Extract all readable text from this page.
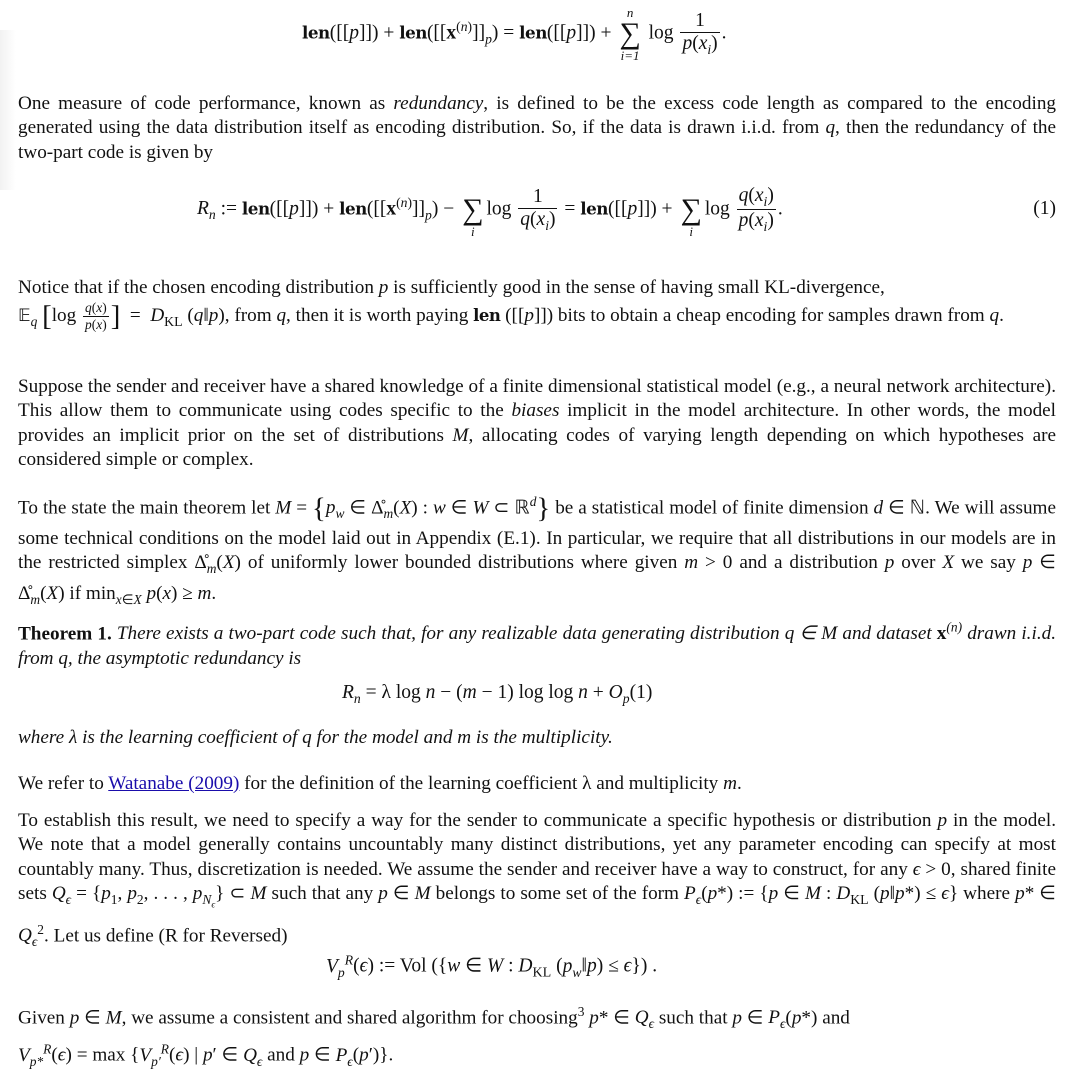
$len([[p]]) + len([[x^{(n)}]]_p) = len([[p]])$ +
n
∑
i=1
$\log \frac{1}{p(x_i)}$ .
One measure of code performance, known as redundancy, is defined to be the excess code length as compared to the encoding generated using the data distribution itself as encoding distribution. So, if the data is drawn i.i.d. from q, then the redundancy of the two-part code is given by
$R_n$ := $len([[p]]) + len([[x^{(n)}]]_p)$ −
∑
i
$\log \frac{1}{q(x_i)} = len([[p]])$ +
∑
i
$\log \frac{q(x_i)}{p(x_i)}$ .	(1)
Notice that if the chosen encoding distribution p is sufficiently good in the sense of having small KL-divergence,
𝔼$_q$ [$\log \frac{q(x)}{p(x)}$ ]  =  $D_{KL}$ (q‖p), from q, then it is worth paying len ([[p]]) bits to obtain a cheap encoding for samples drawn from q.
Suppose the sender and receiver have a shared knowledge of a finite dimensional statistical model (e.g., a neural network architecture). This allow them to communicate using codes specific to the biases implicit in the model architecture. In other words, the model provides an implicit prior on the set of distributions M, allocating codes of varying length depending on which hypotheses are considered simple or complex.
To the state the main theorem let $M = \{p_w$ ∈ $\Deltå_m(X)$ : w ∈ W ⊂ ℝ$^d$} be a statistical model of finite dimension d ∈ ℕ. We will assume some technical conditions on the model laid out in Appendix (E.1). In particular, we require that all distributions in our models are in the restricted simplex $\Deltå_m(X)$ of uniformly lower bounded distributions where given m > 0 and a distribution p over X we say p ∈ $\Deltå_m(X)$ if $\min_{x\in X} p(x) \ge m$.
Theorem 1. There exists a two-part code such that, for any realizable data generating distribution q ∈ M and dataset $x^{(n)}$ drawn i.i.d. from q, the asymptotic redundancy is
$R_n = \lambda$ log n − (m − 1) $\log \log n + O_p(1)$
where λ is the learning coefficient of q for the model and m is the multiplicity.
We refer to Watanabe (2009) for the definition of the learning coefficient λ and multiplicity m.
To establish this result, we need to specify a way for the sender to communicate a specific hypothesis or distribution p in the model. We note that a model generally contains uncountably many distinct distributions, yet any parameter encoding can specify at most countably many. Thus, discretization is needed. We assume the sender and receiver have a way to construct, for any ϵ > 0, shared finite sets $Q_\epsilon = \{p_1$, $p_2$, . . . , $p_{N_\epsilon}$} ⊂ M such that any p ∈ M belongs to some set of the form $P_\epsilon(p*)$ := {p ∈ M : $D_{KL}$ (p‖p*) ≤ ϵ} where p* ∈ $Q_\epsilon^2$. Let us define (R for Reversed)
$V_p^R(\epsilon)$ := Vol ({w ∈ W : $D_{KL}$ $(p_w‖p) \le \epsilon$}) .
Given p ∈ M, we assume a consistent and shared algorithm for choosing$^3$ p* ∈ $Q_\epsilon$ such that p ∈ $P_\epsilon(p*)$ and
$V_{p*}^R(\epsilon) = \max \{V_{p'}^R(\epsilon)$ | p′ ∈ $Q_\epsilon$ and p ∈ $P_\epsilon(p')$}.
